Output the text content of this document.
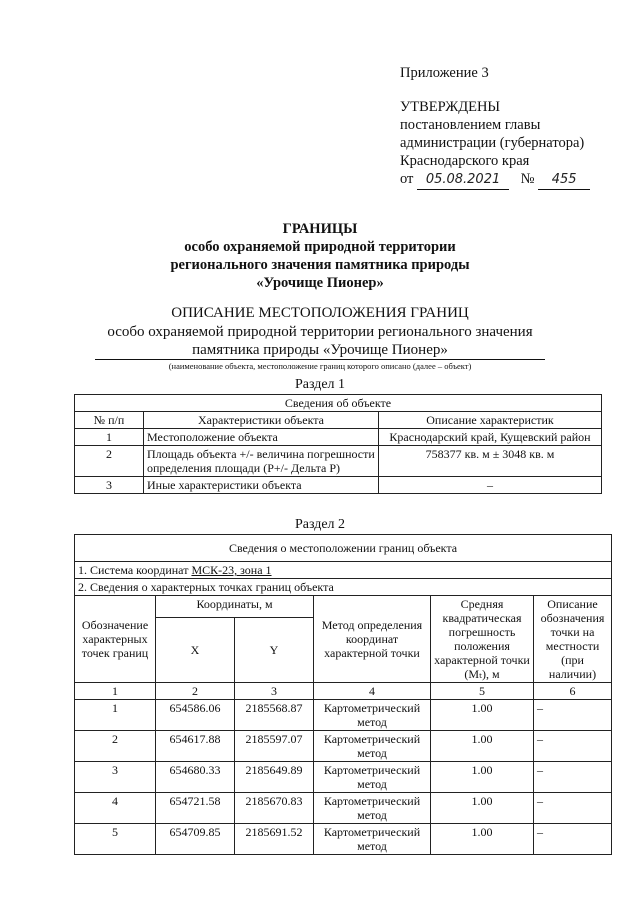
Приложение 3
УТВЕРЖДЕНЫ
постановлением главы
администрации (губернатора)
Краснодарского края
от 05.08.2021 № 455
ГРАНИЦЫ
особо охраняемой природной территории
регионального значения памятника природы
«Урочище Пионер»
ОПИСАНИЕ МЕСТОПОЛОЖЕНИЯ ГРАНИЦ
особо охраняемой природной территории регионального значения
памятника природы «Урочище Пионер»
(наименование объекта, местоположение границ которого описано (далее – объект)
Раздел 1
Сведения об объекте		
№ п/п	Характеристики объекта	Описание характеристик
1	Местоположение объекта	Краснодарский край, Кущевский район
2	Площадь объекта +/- величина погрешности определения площади (Р+/- Дельта Р)	758377 кв. м ± 3048 кв. м
3	Иные характеристики объекта	–
Раздел 2
Сведения о местоположении границ объекта					
1. Система координат МСК-23, зона 1					
2. Сведения о характерных точках границ объекта					
Обозначение характерных точек границ	Координаты, м		Метод определения координат характерной точки	Средняя квадратическая погрешность положения характерной точки (Мₜ), м	Описание обозначения точки на местности (при наличии)
	X	Y			
1	2	3	4	5	6
1	654586.06	2185568.87	Картометрический метод	1.00	–
2	654617.88	2185597.07	Картометрический метод	1.00	–
3	654680.33	2185649.89	Картометрический метод	1.00	–
4	654721.58	2185670.83	Картометрический метод	1.00	–
5	654709.85	2185691.52	Картометрический метод	1.00	–
